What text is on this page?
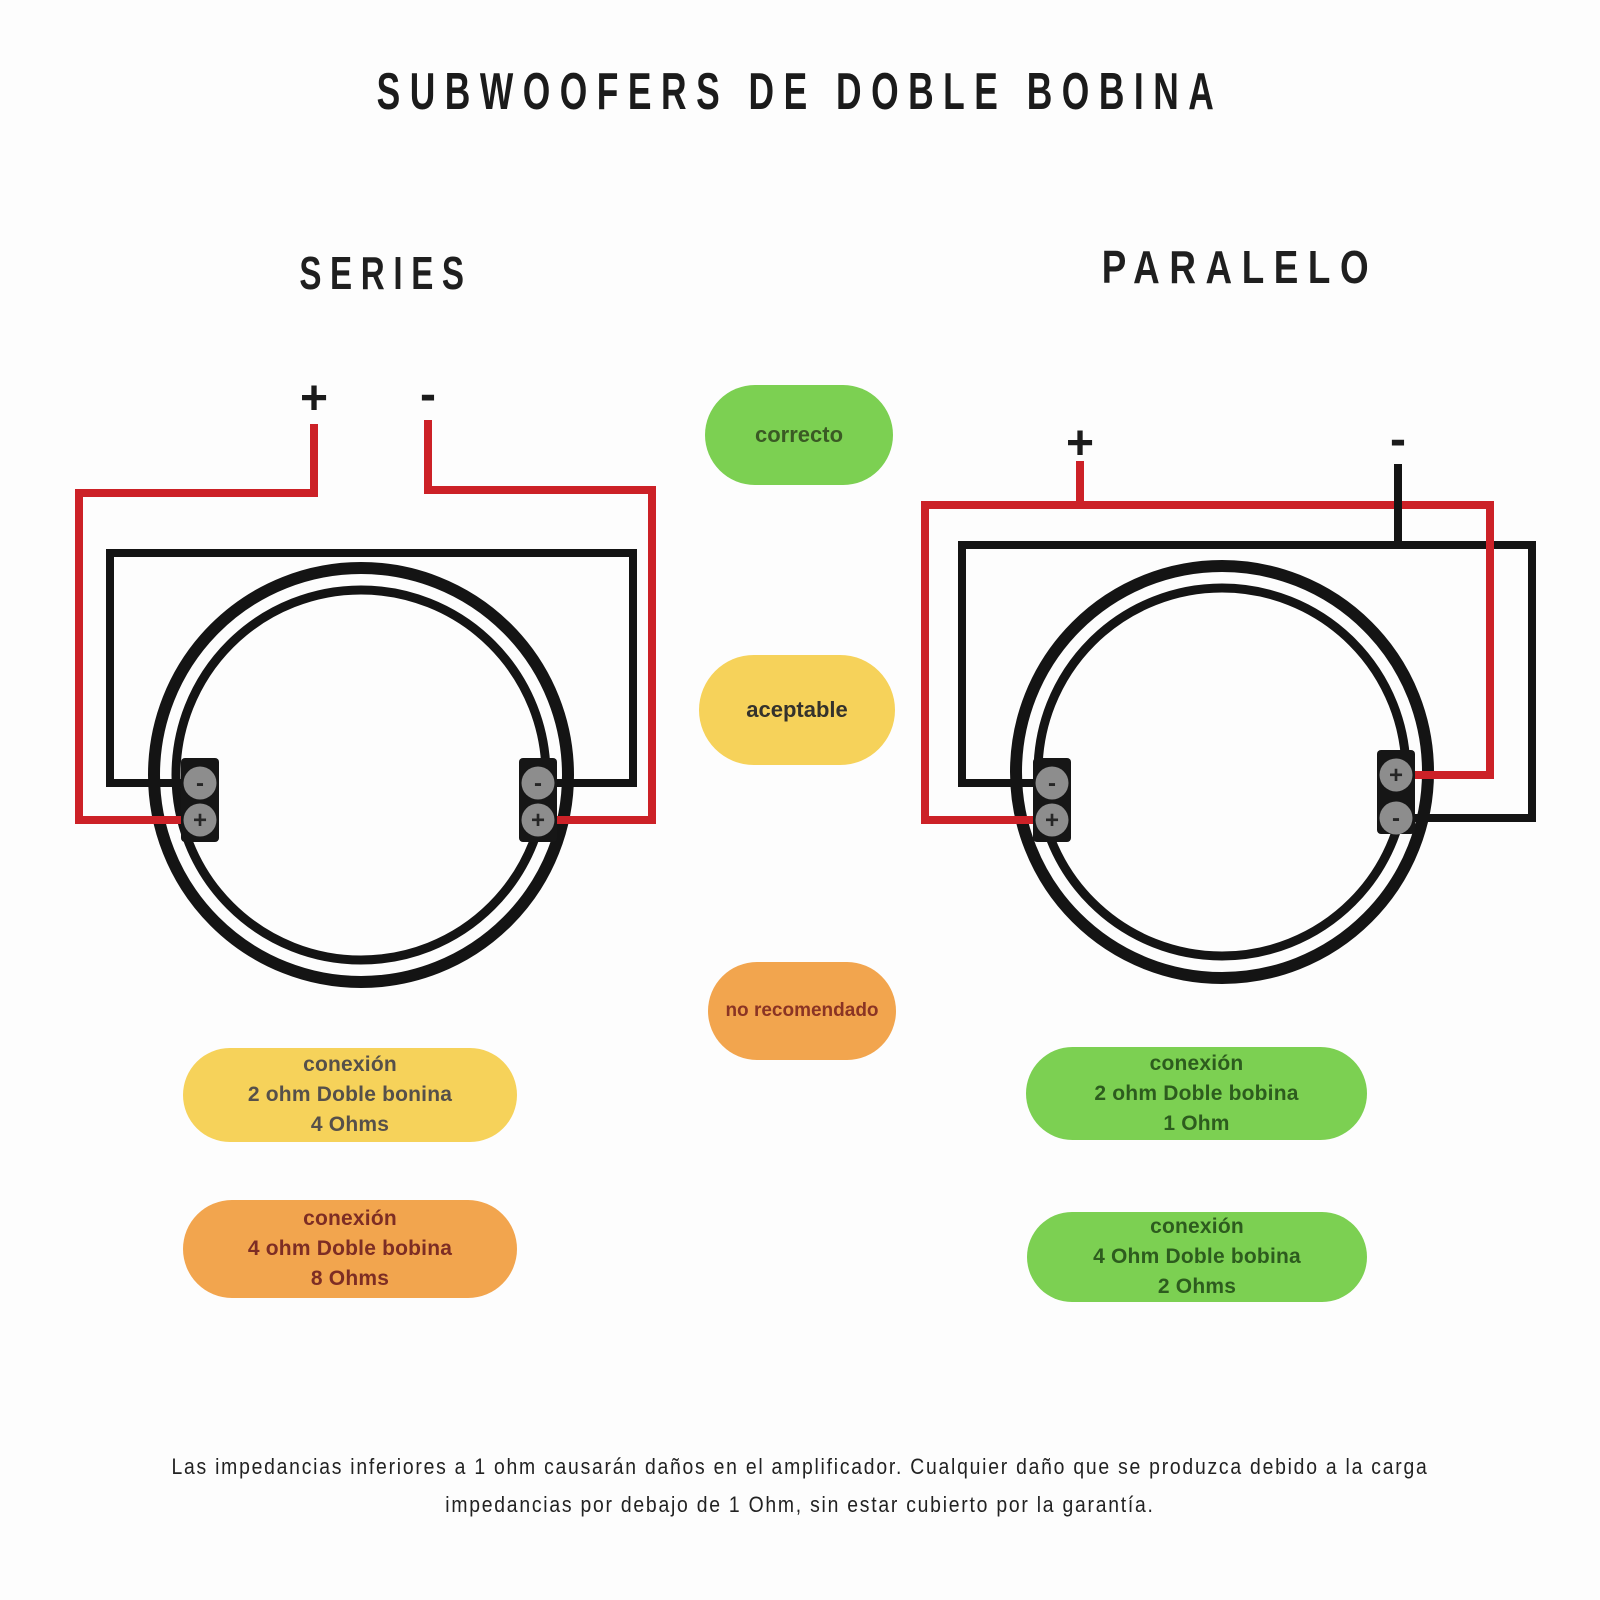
SUBWOOFERS DE DOBLE BOBINA
SERIES	PARALELO
-
+
-
+
+ -
-
+
+
-
+	-
correcto
aceptable
no recomendado
conexión
2 ohm Doble bonina
4 Ohms
conexión
4 ohm Doble bobina
8 Ohms
conexión
2 ohm Doble bobina
1 Ohm
conexión
4 Ohm Doble bobina
2 Ohms
Las impedancias inferiores a 1 ohm causarán daños en el amplificador. Cualquier daño que se produzca debido a la carga
impedancias por debajo de 1 Ohm, sin estar cubierto por la garantía.
